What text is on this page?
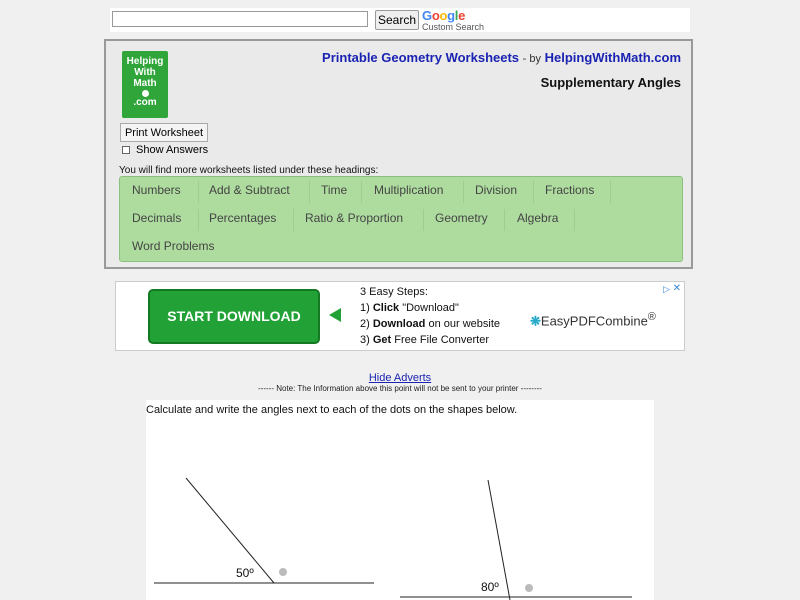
Search Google
Custom Search
Helping
With
Math
.com
Printable Geometry Worksheets - by HelpingWithMath.com
Supplementary Angles
Print Worksheet
Show Answers
You will find more worksheets listed under these headings:
Numbers Add & Subtract	Time Multiplication	Division Fractions
Decimals Percentages Ratio & Proportion	Geometry Algebra
Word Problems
START DOWNLOAD
3 Easy Steps:
1) Click "Download"
2) Download on our website
3) Get Free File Converter
❋EasyPDFCombine®
▷ ✕
Hide Adverts
------ Note: The Information above this point will not be sent to your printer --------
Calculate and write the angles next to each of the dots on the shapes below.
50º
80º
